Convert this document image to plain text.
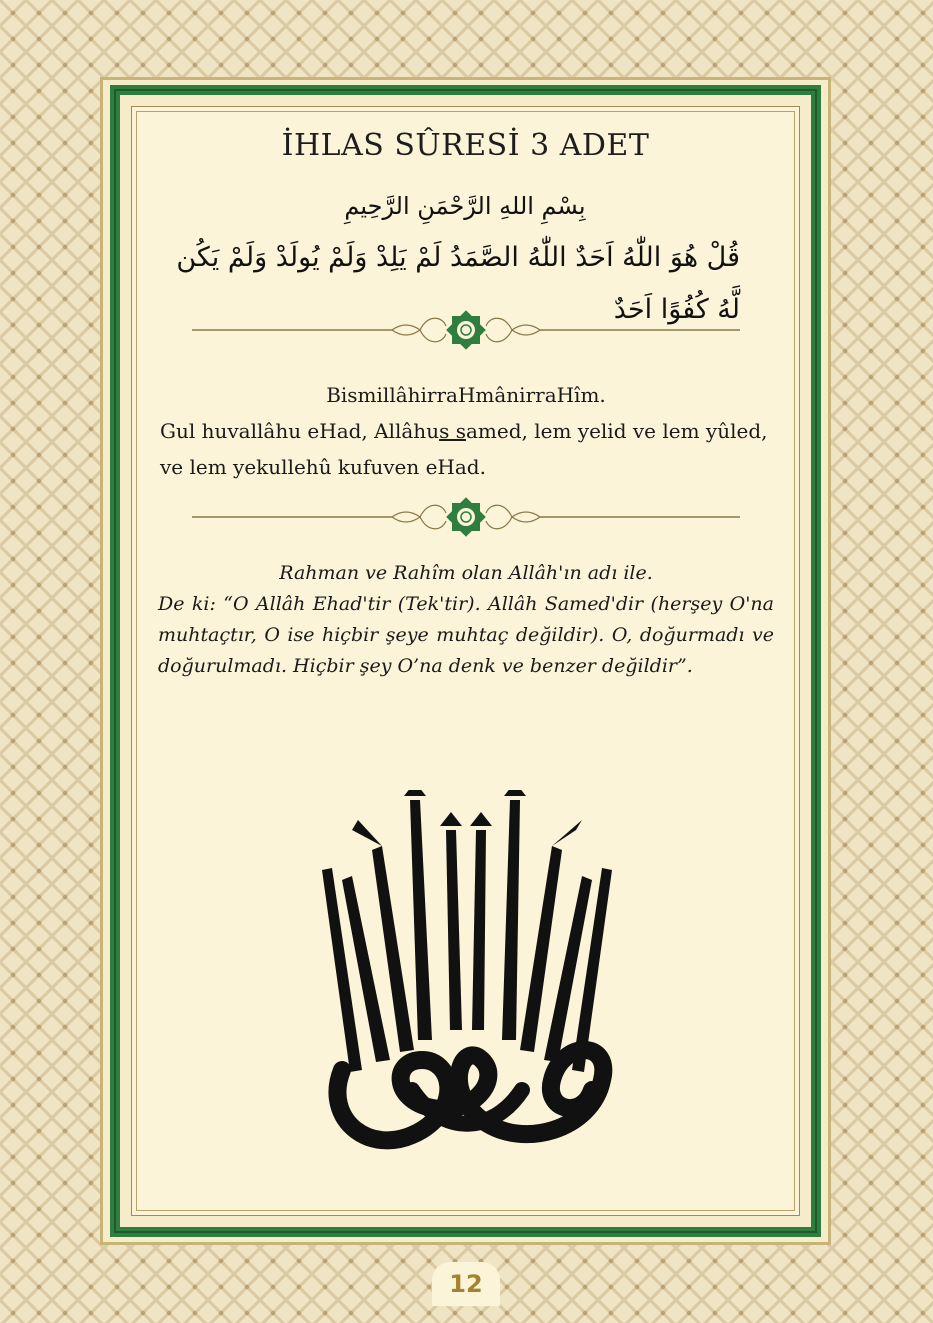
İHLAS SÛRESİ 3 ADET
بِسْمِ اللهِ الرَّحْمَنِ الرَّحِيمِ
قُلْ هُوَ اللّٰهُ اَحَدٌ اللّٰهُ الصَّمَدُ لَمْ يَلِدْ وَلَمْ يُولَدْ وَلَمْ يَكُن لَّهُ كُفُوًا اَحَدٌ
BismillâhirraHmânirraHîm.
Gul huvallâhu eHad, Allâhus samed, lem yelid ve lem yûled,
ve lem yekullehû kufuven eHad.
Rahman ve Rahîm olan Allâh'ın adı ile.
De ki: “O Allâh Ehad'tir (Tek'tir). Allâh Samed'dir (herşey O'na muhtaçtır, O ise hiçbir şeye muhtaç değildir). O, doğurmadı ve doğurulmadı. Hiçbir şey O’na denk ve benzer değildir”.
12
